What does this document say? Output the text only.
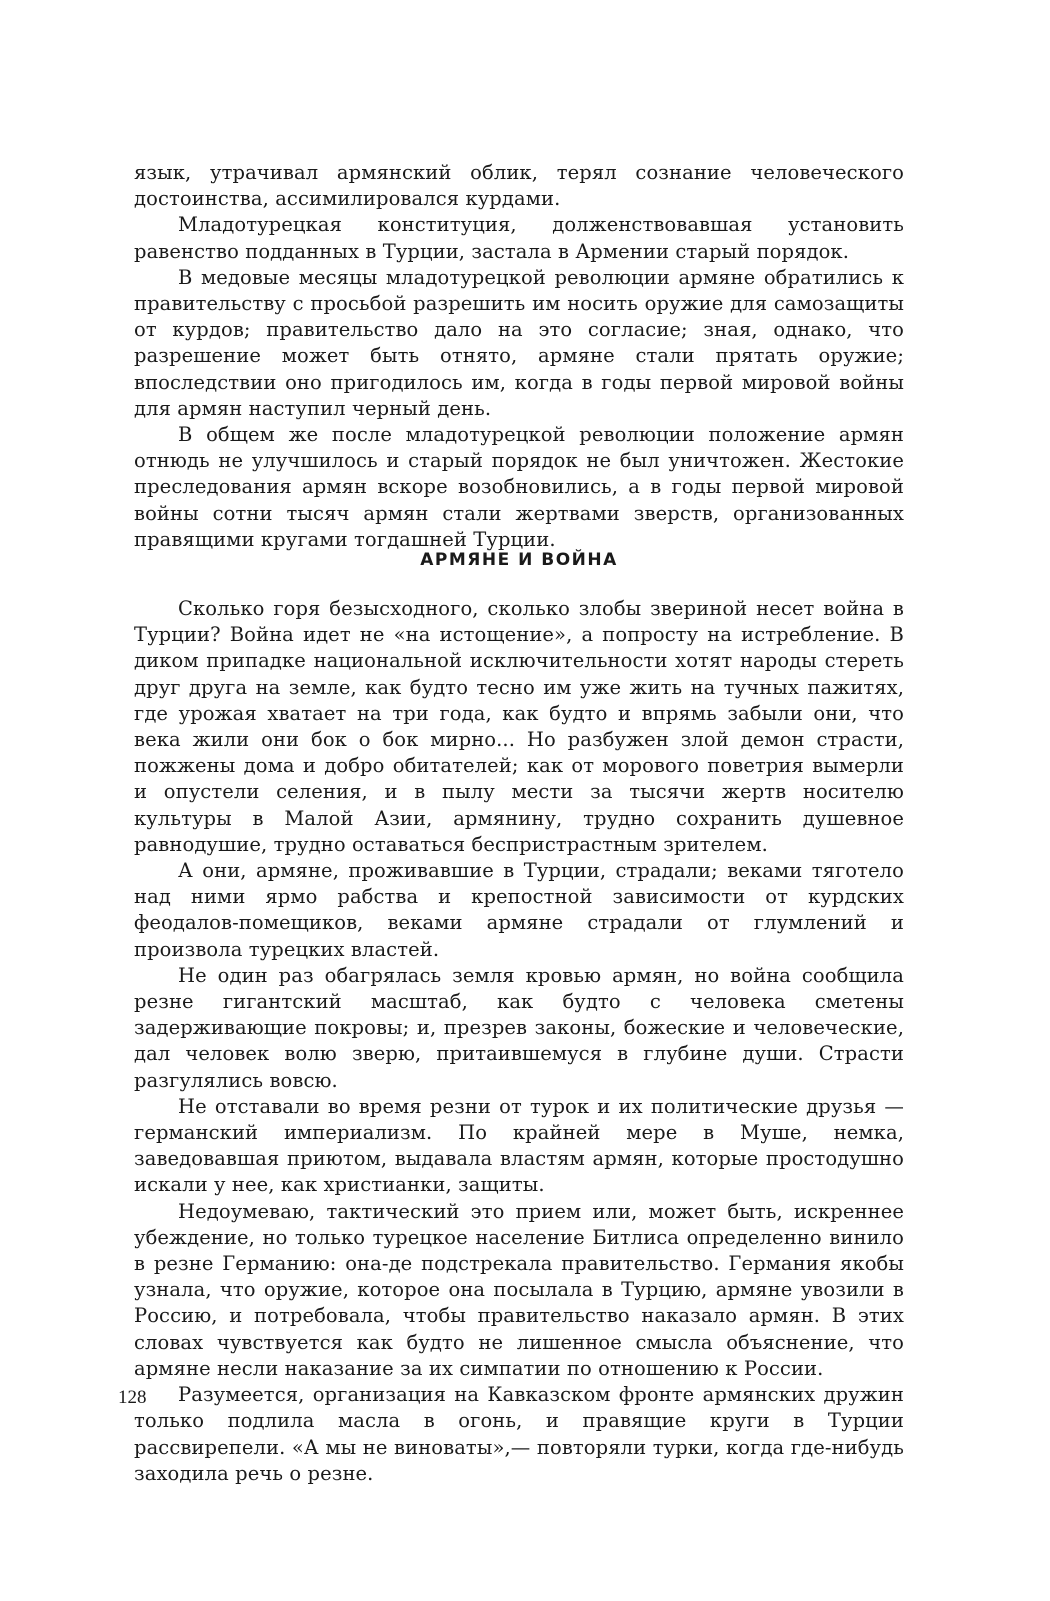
язык, утрачивал армянский облик, терял сознание человеческого достоинства, ассимилировался курдами.

Младотурецкая конституция, долженствовавшая установить равенство подданных в Турции, застала в Армении старый порядок.

В медовые месяцы младотурецкой революции армяне обратились к правительству с просьбой разрешить им носить оружие для самозащиты от курдов; правительство дало на это согласие; зная, однако, что разрешение может быть отнято, армяне стали прятать оружие; впоследствии оно пригодилось им, когда в годы первой мировой войны для армян наступил черный день.

В общем же после младотурецкой революции положение армян отнюдь не улучшилось и старый порядок не был уничтожен. Жестокие преследования армян вскоре возобновились, а в годы первой мировой войны сотни тысяч армян стали жертвами зверств, организованных правящими кругами тогдашней Турции.

АРМЯНЕ И ВОЙНА

Сколько горя безысходного, сколько злобы звериной несет война в Турции? Война идет не «на истощение», а попросту на истребление. В диком припадке национальной исключительности хотят народы стереть друг друга на земле, как будто тесно им уже жить на тучных пажитях, где урожая хватает на три года, как будто и впрямь забыли они, что века жили они бок о бок мирно... Но разбужен злой демон страсти, пожжены дома и добро обитателей; как от морового поветрия вымерли и опустели селения, и в пылу мести за тысячи жертв носителю культуры в Малой Азии, армянину, трудно сохранить душевное равнодушие, трудно оставаться беспристрастным зрителем.

А они, армяне, проживавшие в Турции, страдали; веками тяготело над ними ярмо рабства и крепостной зависимости от курдских феодалов-помещиков, веками армяне страдали от глумлений и произвола турецких властей.

Не один раз обагрялась земля кровью армян, но война сообщила резне гигантский масштаб, как будто с человека сметены задерживающие покровы; и, презрев законы, божеские и человеческие, дал человек волю зверю, притаившемуся в глубине души. Страсти разгулялись вовсю.

Не отставали во время резни от турок и их политические друзья — германский империализм. По крайней мере в Муше, немка, заведовавшая приютом, выдавала властям армян, которые простодушно искали у нее, как христианки, защиты.

Недоумеваю, тактический это прием или, может быть, искреннее убеждение, но только турецкое население Битлиса определенно винило в резне Германию: она-де подстрекала правительство. Германия якобы узнала, что оружие, которое она посылала в Турцию, армяне увозили в Россию, и потребовала, чтобы правительство наказало армян. В этих словах чувствуется как будто не лишенное смысла объяснение, что армяне несли наказание за их симпатии по отношению к России.

Разумеется, организация на Кавказском фронте армянских дружин только подлила масла в огонь, и правящие круги в Турции рассвирепели. «А мы не виноваты»,— повторяли турки, когда где-нибудь заходила речь о резне.

128
